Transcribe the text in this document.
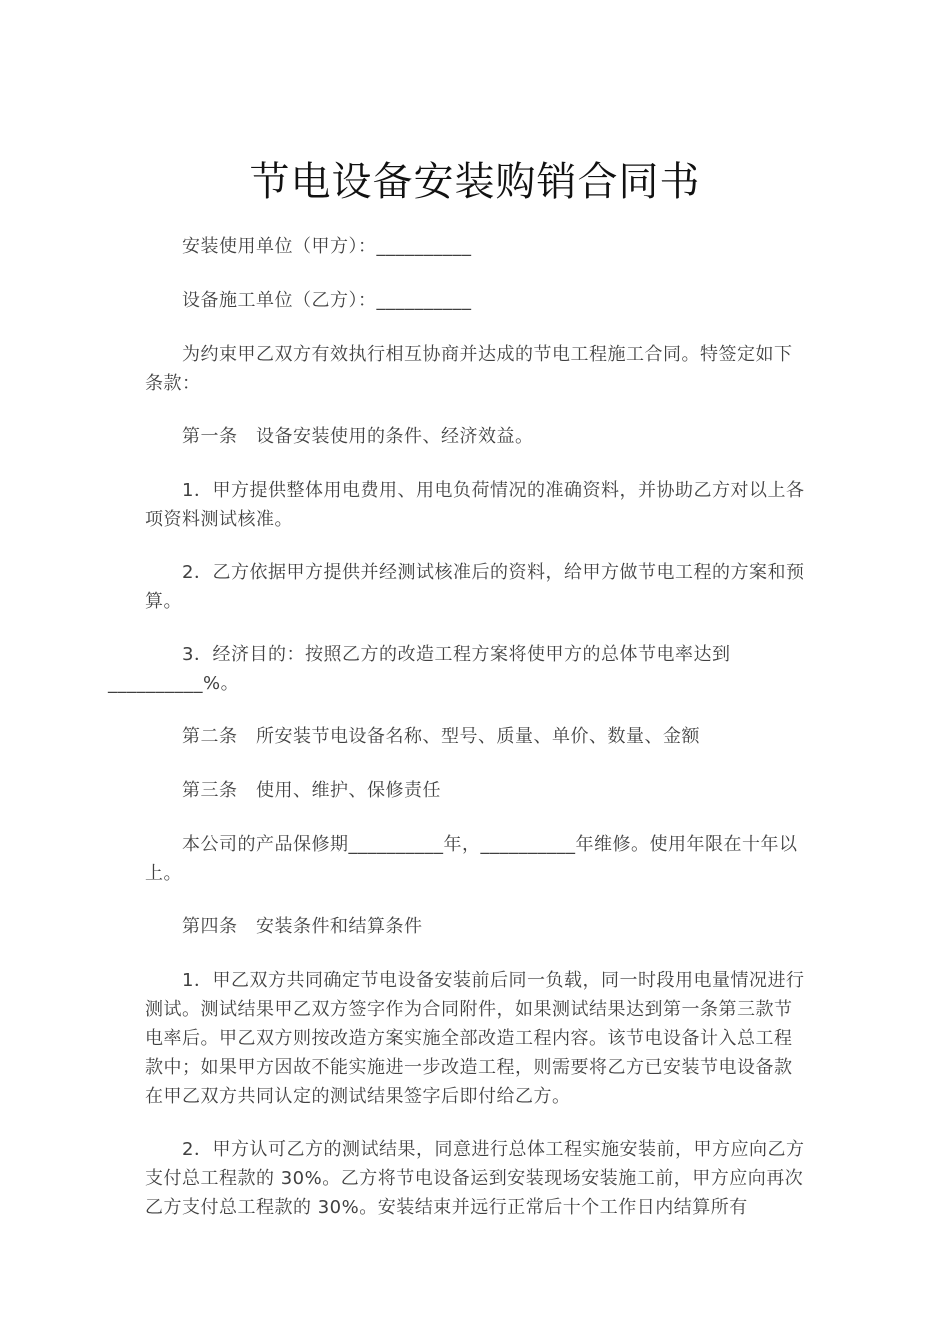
节电设备安装购销合同书

安装使用单位（甲方）：__________

设备施工单位（乙方）：__________

为约束甲乙双方有效执行相互协商并达成的节电工程施工合同。特签定如下条款：

第一条　设备安装使用的条件、经济效益。

1．甲方提供整体用电费用、用电负荷情况的准确资料，并协助乙方对以上各项资料测试核准。

2．乙方依据甲方提供并经测试核准后的资料，给甲方做节电工程的方案和预算。

3．经济目的：按照乙方的改造工程方案将使甲方的总体节电率达到
__________%。

第二条　所安装节电设备名称、型号、质量、单价、数量、金额

第三条　使用、维护、保修责任

本公司的产品保修期__________年，__________年维修。使用年限在十年以上。

第四条　安装条件和结算条件

1．甲乙双方共同确定节电设备安装前后同一负载，同一时段用电量情况进行测试。测试结果甲乙双方签字作为合同附件，如果测试结果达到第一条第三款节电率后。甲乙双方则按改造方案实施全部改造工程内容。该节电设备计入总工程款中；如果甲方因故不能实施进一步改造工程，则需要将乙方已安装节电设备款在甲乙双方共同认定的测试结果签字后即付给乙方。

2．甲方认可乙方的测试结果，同意进行总体工程实施安装前，甲方应向乙方支付总工程款的 30%。乙方将节电设备运到安装现场安装施工前，甲方应向再次乙方支付总工程款的 30%。安装结束并远行正常后十个工作日内结算所有
